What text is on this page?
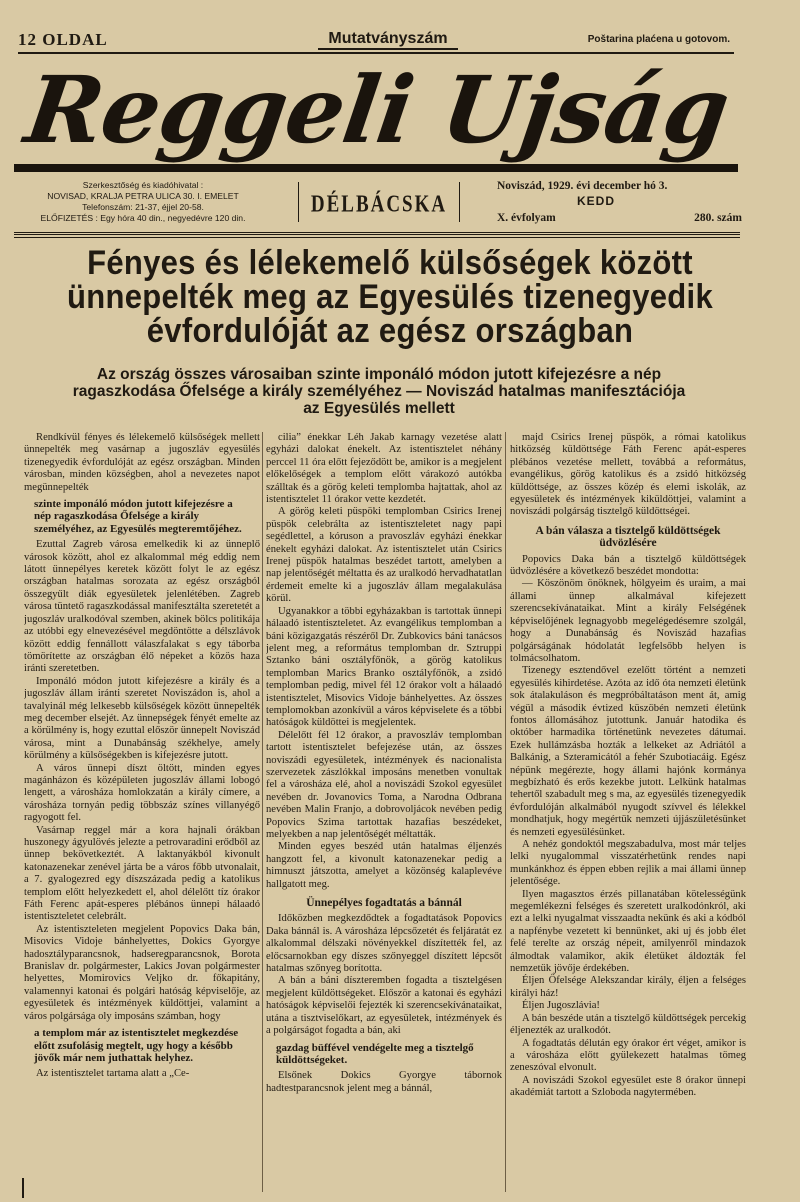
12 OLDAL	Mutatványszám	Poštarina plaćena u gotovom.
Reggeli Ujság
Szerkesztőség és kiadóhivatal :
NOVISAD, KRALJA PETRA ULICA 30. I. EMELET
Telefonszám: 21-37, éjjel 20-58.
ELŐFIZETÉS : Egy hóra 40 din., negyedévre 120 din.	DÉLBÁCSKA
Noviszád, 1929. évi december hó 3.
KEDD
X. évfolyam	280. szám
Fényes és lélekemelő külsőségek között
ünnepelték meg az Egyesülés tizenegyedik
évfordulóját az egész országban
Az ország összes városaiban szinte imponáló módon jutott kifejezésre a nép
ragaszkodása Őfelsége a király személyéhez — Noviszád hatalmas manifesztációja
az Egyesülés mellett

Rendkívül fényes és lélekemelő külsőségek mellett ünnepelték meg vasárnap a jugoszláv egyesülés tizenegyedik évfordulóját az egész országban. Minden városban, minden községben, ahol a nevezetes napot megünnepelték

szinte imponáló módon jutott kifejezésre a nép ragaszkodása Őfelsége a király személyéhez, az Egyesülés megteremtőjéhez.

Ezuttal Zagreb városa emelkedik ki az ünneplő városok között, ahol ez alkalommal még eddig nem látott ünnepélyes keretek között folyt le az egész országban hatalmas sorozata az egész országból összegyűlt diák egyesületek jelenlétében. Zagreb városa tüntető ragaszkodással manifesztálta szeretetét a jugoszláv uralkodóval szemben, akinek bölcs politikája az utóbbi egy elnevezésével megdöntötte a délszlávok között eddig fennállott válaszfalakat s egy táborba tömörítette az országban élő népeket a közös haza iránti szeretetben.

Imponáló módon jutott kifejezésre a király és a jugoszláv állam iránti szeretet Noviszádon is, ahol a tavalyinál még lelkesebb külsőségek között ünnepelték meg december elsejét. Az ünnepségek fényét emelte az a körülmény is, hogy ezuttal először ünnepelt Noviszád városa, mint a Dunabánság székhelye, amely körülmény a külsőségekben is kifejezésre jutott.

A város ünnepi díszt öltött, minden egyes magánházon és középületen jugoszláv állami lobogó lengett, a városháza homlokzatán a király címere, a városháza tornyán pedig többszáz színes villanyégő ragyogott fel.

Vasárnap reggel már a kora hajnali órákban huszonegy ágyulövés jelezte a petrovaradini erődből az ünnep bekövetkeztét. A laktanyákból kivonult katonazenekar zenével járta be a város főbb utvonalait, a 7. gyalogezred egy díszszázada pedig a katolikus templom előtt helyezkedett el, ahol délelőtt tíz órakor Fáth Ferenc apát-esperes plébános ünnepi hálaadó istentiszteletet celebrált.

Az istentiszteleten megjelent Popovics Daka bán, Misovics Vidoje bánhelyettes, Dokics Gyorgye hadosztályparancsnok, hadseregparancsnok, Borota Branislav dr. polgármester, Lakics Jovan polgármester helyettes, Momirovics Veljko dr. főkapitány, valamennyi katonai és polgári hatóság képviselője, az egyesületek és intézmények küldöttjei, valamint a város polgársága oly imposáns számban, hogy

a templom már az istentisztelet megkezdése előtt zsufolásig megtelt, ugy hogy a később jövők már nem juthattak helyhez.

Az istentisztelet tartama alatt a „Ce-

cilia” énekkar Léh Jakab karnagy vezetése alatt egyházi dalokat énekelt. Az istentisztelet néhány perccel 11 óra előtt fejeződött be, amikor is a megjelent előkelőségek a templom előtt várakozó autókba szálltak és a görög keleti templomba hajtattak, ahol az istentisztelet 11 órakor vette kezdetét.

A görög keleti püspöki templomban Csirics Irenej püspök celebrálta az istentiszteletet nagy papi segédlettel, a kóruson a pravoszláv egyházi énekkar énekelt egyházi dalokat. Az istentisztelet után Csirics Irenej püspök hatalmas beszédet tartott, amelyben a nap jelentőségét méltatta és az uralkodó hervadhatatlan érdemeit emelte ki a jugoszláv állam megalakulása körül.

Ugyanakkor a többi egyházakban is tartottak ünnepi hálaadó istentiszteletet. Az evangélikus templomban a báni közigazgatás részéről Dr. Zubkovics báni tanácsos jelent meg, a református templomban dr. Sztruppi Sztanko báni osztályfőnök, a görög katolikus templomban Marics Branko osztályfőnök, a zsidó templomban pedig, mivel fél 12 órakor volt a hálaadó istentisztelet, Misovics Vidoje bánhelyettes. Az összes templomokban azonkívül a város képviselete és a többi hatóságok küldöttei is megjelentek.

Délelőtt fél 12 órakor, a pravoszláv templomban tartott istentisztelet befejezése után, az összes noviszádi egyesületek, intézmények és nacionalista szervezetek zászlókkal imposáns menetben vonultak fel a városháza elé, ahol a noviszádi Szokol egyesület nevében dr. Jovanovics Toma, a Narodna Odbrana nevében Malin Franjo, a dobrovoljácok nevében pedig Popovics Szima tartottak hazafias beszédeket, melyekben a nap jelentőségét méltatták.

Minden egyes beszéd után hatalmas éljenzés hangzott fel, a kivonult katonazenekar pedig a himnuszt játszotta, amelyet a közönség kalaplevéve hallgatott meg.

Ünnepélyes fogadtatás a bánnál

Időközben megkezdődtek a fogadtatások Popovics Daka bánnál is. A városháza lépcsőzetét és feljáratát ez alkalommal délszaki növényekkel díszítették fel, az előcsarnokban egy díszes szőnyeggel díszített lépcsőt hatalmas szőnyeg borította.

A bán a báni díszteremben fogadta a tisztelgésen megjelent küldöttségeket. Először a katonai és egyházi hatóságok képviselői fejezték ki szerencsekívánataikat, utána a tisztviselőkart, az egyesületek, intézmények és a polgárságot fogadta a bán, aki

gazdag büffével vendégelte meg a tisztelgő küldöttségeket.

Elsőnek Dokics Gyorgye tábornok hadtestparancsnok jelent meg a bánnál,

majd Csirics Irenej püspök, a római katolikus hitközség küldöttsége Fáth Ferenc apát-esperes plébános vezetése mellett, továbbá a református, evangélikus, görög katolikus és a zsidó hitközség küldöttsége, az összes közép és elemi iskolák, az egyesületek és intézmények kiküldöttjei, valamint a noviszádi polgárság tisztelgő küldöttségei.

A bán válasza a tisztelgő küldöttségek üdvözlésére

Popovics Daka bán a tisztelgő küldöttségek üdvözlésére a következő beszédet mondotta:

— Köszönöm önöknek, hölgyeim és uraim, a mai állami ünnep alkalmával kifejezett szerencsekívánataikat. Mint a király Felségének képviselőjének legnagyobb megelégedésemre szolgál, hogy a Dunabánság és Noviszád hazafias polgárságának hódolatát legfelsőbb helyen is tolmácsolhatom.

Tizenegy esztendővel ezelőtt történt a nemzeti egyesülés kihirdetése. Azóta az idő óta nemzeti életünk sok átalakuláson és megpróbáltatáson ment át, amig végül a második évtized küszöbén nemzeti életünk fontos állomásához jutottunk. Január hatodika és október harmadika történetünk nevezetes dátumai. Ezek hullámzásba hozták a lelkeket az Adriától a Balkánig, a Szteramicától a fehér Szubotiacáig. Egész népünk megérezte, hogy állami hajónk kormánya megbízható és erős kezekbe jutott. Lelkünk hatalmas tehertől szabadult meg s ma, az egyesülés tizenegyedik évfordulóján alkalmából nyugodt szívvel és lélekkel mondhatjuk, hogy megértük nemzeti újjászületésünket és nemzeti egyesülésünket.

A nehéz gondoktól megszabadulva, most már teljes lelki nyugalommal visszatérhetünk rendes napi munkánkhoz és éppen ebben rejlik a mai állami ünnep jelentősége.

Ilyen magasztos érzés pillanatában kötelességünk megemlékezni felséges és szeretett uralkodónkról, aki ezt a lelki nyugalmat visszaadta nekünk és aki a kódból a napfénybe vezetett ki bennünket, aki uj és jobb élet felé terelte az ország népeit, amilyenről mindazok álmodtak valamikor, akik életüket áldozták fel nemzetük jövője érdekében.

Éljen Őfelsége Alekszandar király, éljen a felséges királyi ház!

Éljen Jugoszlávia!

A bán beszéde után a tisztelgő küldöttségek percekig éljenezték az uralkodót.

A fogadtatás délután egy órakor ért véget, amikor is a városháza előtt gyülekezett hatalmas tömeg zeneszóval elvonult.

A noviszádi Szokol egyesület este 8 órakor ünnepi akadémiát tartott a Szloboda nagytermében.
